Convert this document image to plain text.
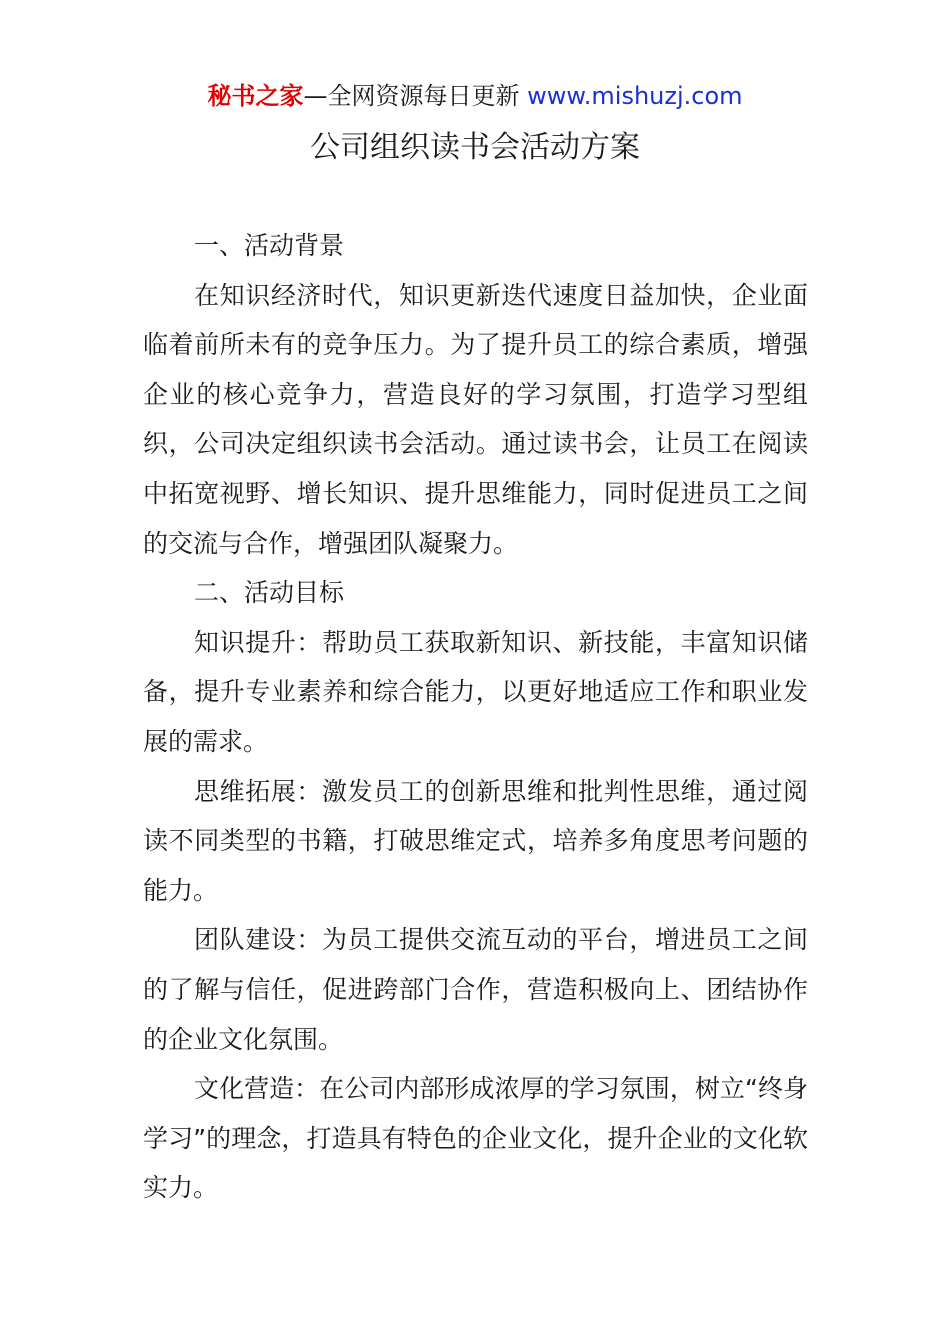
秘书之家—全网资源每日更新 www.mishuzj.com
公司组织读书会活动方案

一、活动背景

在知识经济时代，知识更新迭代速度日益加快，企业面临着前所未有的竞争压力。为了提升员工的综合素质，增强企业的核心竞争力，营造良好的学习氛围，打造学习型组织，公司决定组织读书会活动。通过读书会，让员工在阅读中拓宽视野、增长知识、提升思维能力，同时促进员工之间的交流与合作，增强团队凝聚力。

二、活动目标

知识提升：帮助员工获取新知识、新技能，丰富知识储备，提升专业素养和综合能力，以更好地适应工作和职业发展的需求。

思维拓展：激发员工的创新思维和批判性思维，通过阅读不同类型的书籍，打破思维定式，培养多角度思考问题的能力。

团队建设：为员工提供交流互动的平台，增进员工之间的了解与信任，促进跨部门合作，营造积极向上、团结协作的企业文化氛围。

文化营造：在公司内部形成浓厚的学习氛围，树立“终身学习”的理念，打造具有特色的企业文化，提升企业的文化软实力。
